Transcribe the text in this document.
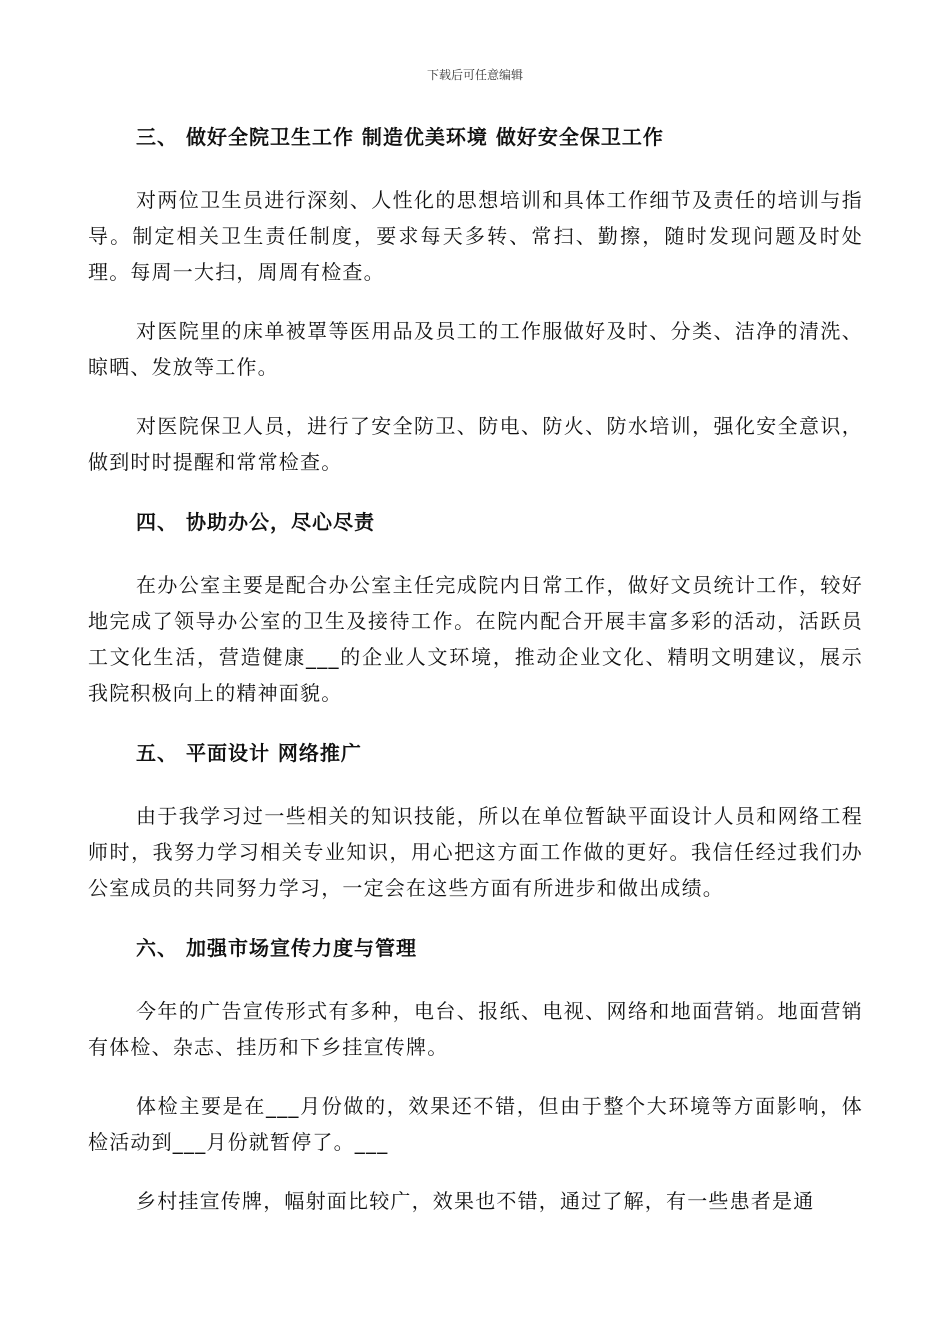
下载后可任意编辑
三、 做好全院卫生工作 制造优美环境 做好安全保卫工作
对两位卫生员进行深刻、人性化的思想培训和具体工作细节及责任的培训与指导。制定相关卫生责任制度，要求每天多转、常扫、勤擦，随时发现问题及时处理。每周一大扫，周周有检查。
对医院里的床单被罩等医用品及员工的工作服做好及时、分类、洁净的清洗、晾晒、发放等工作。
对医院保卫人员，进行了安全防卫、防电、防火、防水培训，强化安全意识，做到时时提醒和常常检查。
四、 协助办公，尽心尽责
在办公室主要是配合办公室主任完成院内日常工作，做好文员统计工作，较好地完成了领导办公室的卫生及接待工作。在院内配合开展丰富多彩的活动，活跃员工文化生活，营造健康___的企业人文环境，推动企业文化、精明文明建议，展示我院积极向上的精神面貌。
五、 平面设计 网络推广
由于我学习过一些相关的知识技能，所以在单位暂缺平面设计人员和网络工程师时，我努力学习相关专业知识，用心把这方面工作做的更好。我信任经过我们办公室成员的共同努力学习，一定会在这些方面有所进步和做出成绩。
六、 加强市场宣传力度与管理
今年的广告宣传形式有多种，电台、报纸、电视、网络和地面营销。地面营销有体检、杂志、挂历和下乡挂宣传牌。
体检主要是在___月份做的，效果还不错，但由于整个大环境等方面影响，体检活动到___月份就暂停了。___
乡村挂宣传牌，幅射面比较广，效果也不错，通过了解，有一些患者是通
